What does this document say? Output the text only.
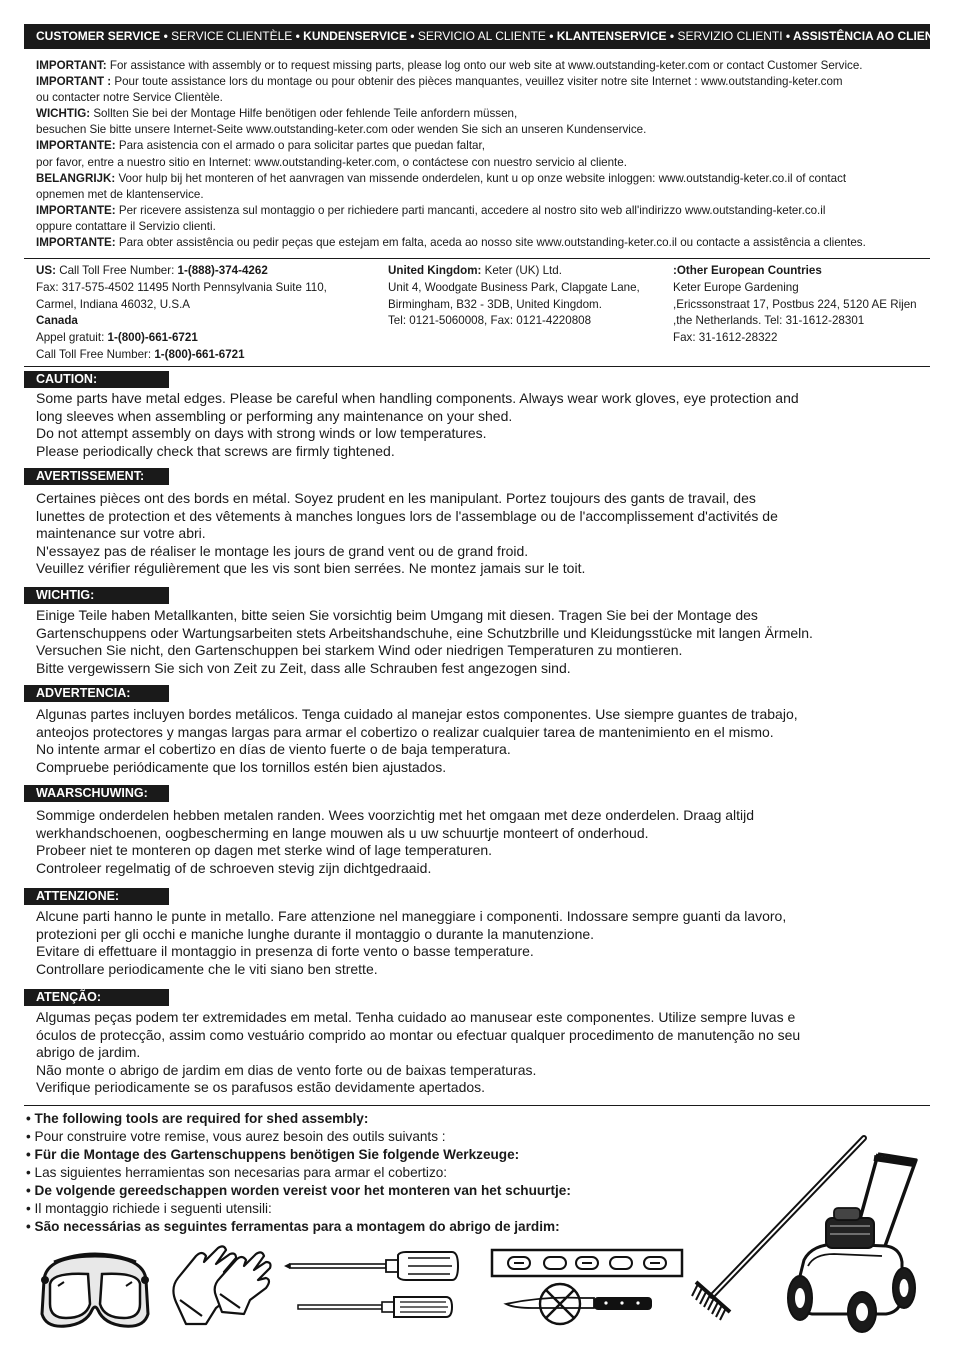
CUSTOMER SERVICE • SERVICE CLIENTÈLE • KUNDENSERVICE • SERVICIO AL CLIENTE • KLANTENSERVICE • SERVIZIO CLIENTI • ASSISTÊNCIA AO CLIENTE

IMPORTANT: For assistance with assembly or to request missing parts, please log onto our web site at www.outstanding-keter.com or contact Customer Service.

IMPORTANT : Pour toute assistance lors du montage ou pour obtenir des pièces manquantes, veuillez visiter notre site Internet : www.outstanding-keter.com

ou contacter notre Service Clientèle.

WICHTIG: Sollten Sie bei der Montage Hilfe benötigen oder fehlende Teile anfordern müssen,

besuchen Sie bitte unsere Internet-Seite www.outstanding-keter.com oder wenden Sie sich an unseren Kundenservice.

IMPORTANTE: Para asistencia con el armado o para solicitar partes que puedan faltar,

por favor, entre a nuestro sitio en Internet: www.outstanding-keter.com, o contáctese con nuestro servicio al cliente.

BELANGRIJK: Voor hulp bij het monteren of het aanvragen van missende onderdelen, kunt u op onze website inloggen: www.outstandig-keter.co.il of contact

opnemen met de klantenservice.

IMPORTANTE: Per ricevere assistenza sul montaggio o per richiedere parti mancanti, accedere al nostro sito web all'indirizzo www.outstanding-keter.co.il

oppure contattare il Servizio clienti.

IMPORTANTE: Para obter assistência ou pedir peças que estejam em falta, aceda ao nosso site www.outstanding-keter.co.il ou contacte a assistência a clientes.

US: Call Toll Free Number: 1-(888)-374-4262
Fax: 317-575-4502 11495 North Pennsylvania Suite 110,
Carmel, Indiana 46032, U.S.A
Canada
Appel gratuit: 1-(800)-661-6721
Call Toll Free Number: 1-(800)-661-6721
United Kingdom: Keter (UK) Ltd.
Unit 4, Woodgate Business Park, Clapgate Lane,
Birmingham, B32 - 3DB, United Kingdom.
Tel: 0121-5060008, Fax: 0121-4220808
:Other European Countries
Keter Europe Gardening
,Ericssonstraat 17, Postbus 224, 5120 AE Rijen
,the Netherlands. Tel: 31-1612-28301
Fax: 31-1612-28322
CAUTION:

Some parts have metal edges. Please be careful when handling components. Always wear work gloves, eye protection and

long sleeves when assembling or performing any maintenance on your shed.

Do not attempt assembly on days with strong winds or low temperatures.

Please periodically check that screws are firmly tightened.

AVERTISSEMENT:

Certaines pièces ont des bords en métal. Soyez prudent en les manipulant. Portez toujours des gants de travail, des

lunettes de protection et des vêtements à manches longues lors de l'assemblage ou de l'accomplissement d'activités de

maintenance sur votre abri.

N'essayez pas de réaliser le montage les jours de grand vent ou de grand froid.

Veuillez vérifier régulièrement que les vis sont bien serrées. Ne montez jamais sur le toit.

WICHTIG:

Einige Teile haben Metallkanten, bitte seien Sie vorsichtig beim Umgang mit diesen. Tragen Sie bei der Montage des

Gartenschuppens oder Wartungsarbeiten stets Arbeitshandschuhe, eine Schutzbrille und Kleidungsstücke mit langen Ärmeln.

Versuchen Sie nicht, den Gartenschuppen bei starkem Wind oder niedrigen Temperaturen zu montieren.

Bitte vergewissern Sie sich von Zeit zu Zeit, dass alle Schrauben fest angezogen sind.

ADVERTENCIA:

Algunas partes incluyen bordes metálicos. Tenga cuidado al manejar estos componentes. Use siempre guantes de trabajo,

anteojos protectores y mangas largas para armar el cobertizo o realizar cualquier tarea de mantenimiento en el mismo.

No intente armar el cobertizo en días de viento fuerte o de baja temperatura.

Compruebe periódicamente que los tornillos estén bien ajustados.

WAARSCHUWING:

Sommige onderdelen hebben metalen randen. Wees voorzichtig met het omgaan met deze onderdelen. Draag altijd

werkhandschoenen, oogbescherming en lange mouwen als u uw schuurtje monteert of onderhoud.

Probeer niet te monteren op dagen met sterke wind of lage temperaturen.

Controleer regelmatig of de schroeven stevig zijn dichtgedraaid.

ATTENZIONE:

Alcune parti hanno le punte in metallo. Fare attenzione nel maneggiare i componenti. Indossare sempre guanti da lavoro,

protezioni per gli occhi e maniche lunghe durante il montaggio o durante la manutenzione.

Evitare di effettuare il montaggio in presenza di forte vento o basse temperature.

Controllare periodicamente che le viti siano ben strette.

ATENÇÃO:

Algumas peças podem ter extremidades em metal. Tenha cuidado ao manusear este componentes. Utilize sempre luvas e

óculos de protecção, assim como vestuário comprido ao montar ou efectuar qualquer procedimento de manutenção no seu

abrigo de jardim.

Não monte o abrigo de jardim em dias de vento forte ou de baixas temperaturas.

Verifique periodicamente se os parafusos estão devidamente apertados.

• The following tools are required for shed assembly:

• Pour construire votre remise, vous aurez besoin des outils suivants :

• Für die Montage des Gartenschuppens benötigen Sie folgende Werkzeuge:

• Las siguientes herramientas son necesarias para armar el cobertizo:

• De volgende gereedschappen worden vereist voor het monteren van het schuurtje:

• Il montaggio richiede i seguenti utensili:

• São necessárias as seguintes ferramentas para a montagem do abrigo de jardim:
